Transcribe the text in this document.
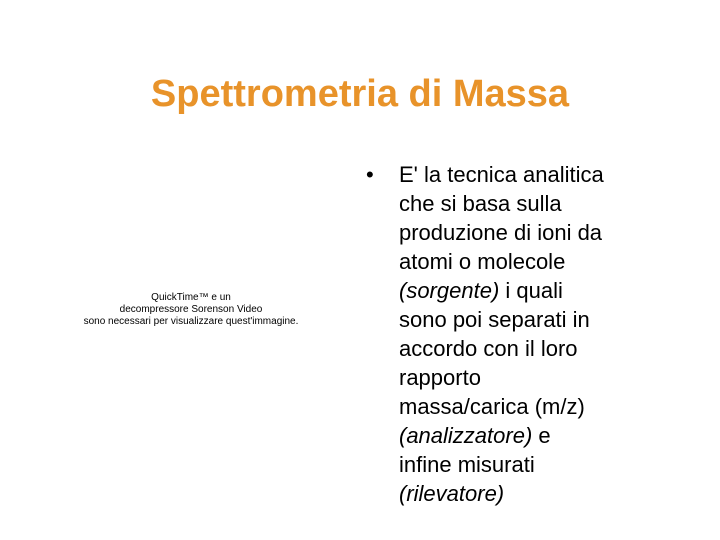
Spettrometria di Massa
QuickTime™ e un
decompressore Sorenson Video
sono necessari per visualizzare quest'immagine.
•	E' la tecnica analitica
che si basa sulla
produzione di ioni da
atomi o molecole
(sorgente) i quali
sono poi separati in
accordo con il loro
rapporto
massa/carica (m/z)
(analizzatore) e
infine misurati
(rilevatore)
